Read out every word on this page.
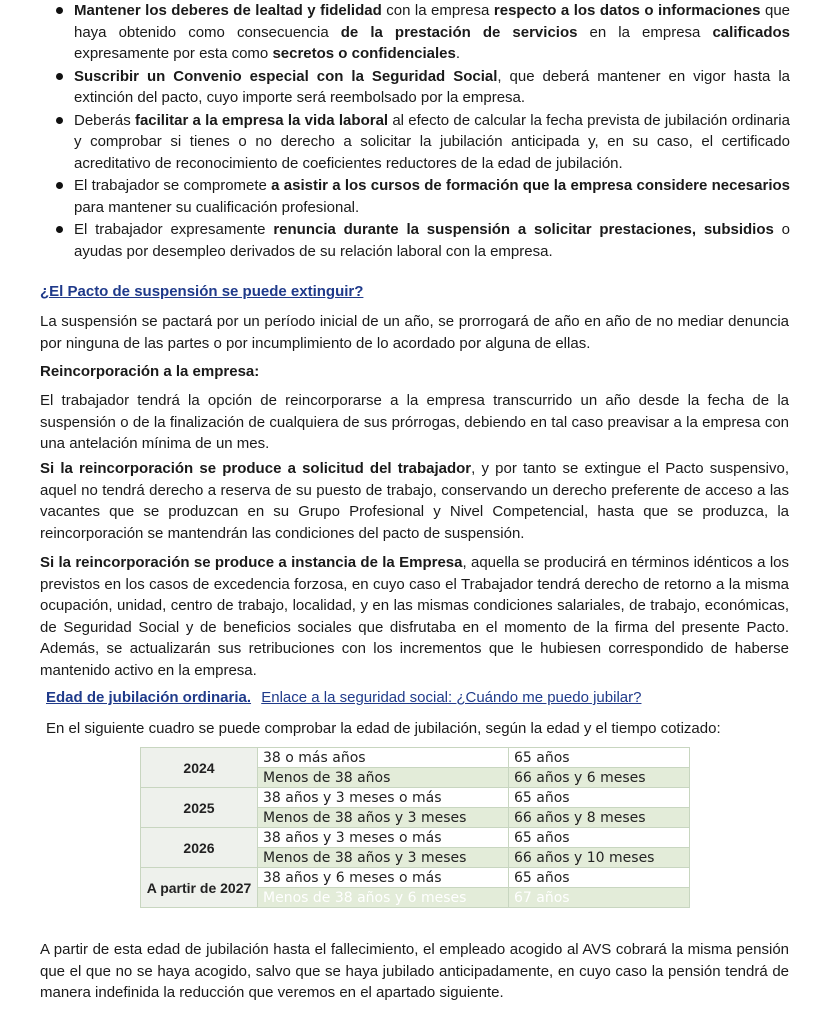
Mantener los deberes de lealtad y fidelidad con la empresa respecto a los datos o informaciones que haya obtenido como consecuencia de la prestación de servicios en la empresa calificados expresamente por esta como secretos o confidenciales.
Suscribir un Convenio especial con la Seguridad Social, que deberá mantener en vigor hasta la extinción del pacto, cuyo importe será reembolsado por la empresa.
Deberás facilitar a la empresa la vida laboral al efecto de calcular la fecha prevista de jubilación ordinaria y comprobar si tienes o no derecho a solicitar la jubilación anticipada y, en su caso, el certificado acreditativo de reconocimiento de coeficientes reductores de la edad de jubilación.
El trabajador se compromete a asistir a los cursos de formación que la empresa considere necesarios para mantener su cualificación profesional.
El trabajador expresamente renuncia durante la suspensión a solicitar prestaciones, subsidios o ayudas por desempleo derivados de su relación laboral con la empresa.
¿El Pacto de suspensión se puede extinguir?
La suspensión se pactará por un período inicial de un año, se prorrogará de año en año de no mediar denuncia por ninguna de las partes o por incumplimiento de lo acordado por alguna de ellas.
Reincorporación a la empresa:
El trabajador tendrá la opción de reincorporarse a la empresa transcurrido un año desde la fecha de la suspensión o de la finalización de cualquiera de sus prórrogas, debiendo en tal caso preavisar a la empresa con una antelación mínima de un mes.
Si la reincorporación se produce a solicitud del trabajador, y por tanto se extingue el Pacto suspensivo, aquel no tendrá derecho a reserva de su puesto de trabajo, conservando un derecho preferente de acceso a las vacantes que se produzcan en su Grupo Profesional y Nivel Competencial, hasta que se produzca, la reincorporación se mantendrán las condiciones del pacto de suspensión.
Si la reincorporación se produce a instancia de la Empresa, aquella se producirá en términos idénticos a los previstos en los casos de excedencia forzosa, en cuyo caso el Trabajador tendrá derecho de retorno a la misma ocupación, unidad, centro de trabajo, localidad, y en las mismas condiciones salariales, de trabajo, económicas, de Seguridad Social y de beneficios sociales que disfrutaba en el momento de la firma del presente Pacto. Además, se actualizarán sus retribuciones con los incrementos que le hubiesen correspondido de haberse mantenido activo en la empresa.
Edad de jubilación ordinaria. Enlace a la seguridad social: ¿Cuándo me puedo jubilar?
En el siguiente cuadro se puede comprobar la edad de jubilación, según la edad y el tiempo cotizado:
2024	38 o más años	65 años
	Menos de 38 años	66 años y 6 meses
2025	38 años y 3 meses o más	65 años
	Menos de 38 años y 3 meses	66 años y 8 meses
2026	38 años y 3 meses o más	65 años
	Menos de 38 años y 3 meses	66 años y 10 meses
A partir de 2027	38 años y 6 meses o más	65 años
	Menos de 38 años y 6 meses	67 años
A partir de esta edad de jubilación hasta el fallecimiento, el empleado acogido al AVS cobrará la misma pensión que el que no se haya acogido, salvo que se haya jubilado anticipadamente, en cuyo caso la pensión tendrá de manera indefinida la reducción que veremos en el apartado siguiente.
